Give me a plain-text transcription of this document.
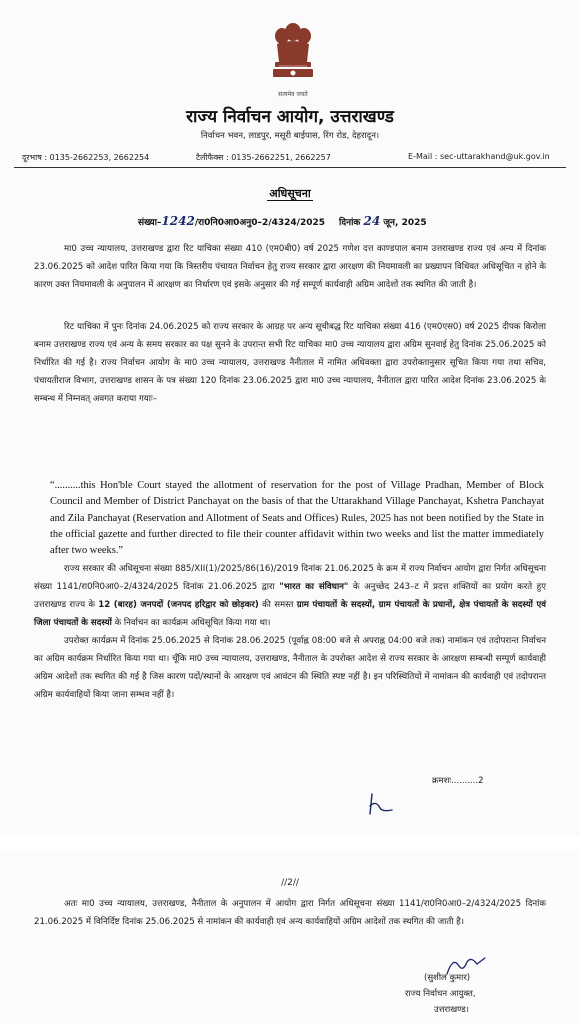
सत्यमेव जयते
राज्य निर्वाचन आयोग, उत्तराखण्ड
निर्वाचन भवन, लाडपुर, मसूरी बाईपास, रिंग रोड, देहरादून।
दूरभाष : 0135-2662253, 2662254	टैलीफैक्स : 0135-2662251, 2662257	E-Mail : sec-uttarakhand@uk.gov.in
अधिसूचना
संख्या–1242/रा0नि0आ0अनु0–2/4324/2025 दिनांक 24 जून, 2025
मा0 उच्च न्यायालय, उत्तराखण्ड द्वारा रिट याचिका संख्या 410 (एम0बी0) वर्ष 2025 गणेश दत्त काण्डपाल बनाम उत्तराखण्ड राज्य एवं अन्य में दिनांक 23.06.2025 को आदेश पारित किया गया कि त्रिस्तरीय पंचायत निर्वाचन हेतु राज्य सरकार द्वारा आरक्षण की नियमावली का प्रख्यापन विधिवत अधिसूचित न होने के कारण उक्त नियमावली के अनुपालन में आरक्षण का निर्धारण एवं इसके अनुसार की गई सम्पूर्ण कार्यवाही अग्रिम आदेशों तक स्थगित की जाती है।
रिट याचिका में पुनः दिनांक 24.06.2025 को राज्य सरकार के आग्रह पर अन्य सूचीबद्ध रिट याचिका संख्या 416 (एम0एस0) वर्ष 2025 दीपक किरोला बनाम उत्तराखण्ड राज्य एवं अन्य के समय सरकार का पक्ष सुनने के उपरान्त सभी रिट याचिका मा0 उच्च न्यायालय द्वारा अग्रिम सुनवाई हेतु दिनांक 25.06.2025 को निर्धारित की गई है। राज्य निर्वाचन आयोग के मा0 उच्च न्यायालय, उत्तराखण्ड नैनीताल में नामित अधिवक्ता द्वारा उपरोक्तानुसार सूचित किया गया तथा सचिव, पंचायतीराज विभाग, उत्तराखण्ड शासन के पत्र संख्या 120 दिनांक 23.06.2025 द्वारा मा0 उच्च न्यायालय, नैनीताल द्वारा पारित आदेश दिनांक 23.06.2025 के सम्बन्ध में निम्नवत् अवगत कराया गयाः–
“..........this Hon'ble Court stayed the allotment of reservation for the post of Village Pradhan, Member of Block Council and Member of District Panchayat on the basis of that the Uttarakhand Village Panchayat, Kshetra Panchayat and Zila Panchayat (Reservation and Allotment of Seats and Offices) Rules, 2025 has not been notified by the State in the official gazette and further directed to file their counter affidavit within two weeks and list the matter immediately after two weeks.”
राज्य सरकार की अधिसूचना संख्या 885/XII(1)/2025/86(16)/2019 दिनांक 21.06.2025 के क्रम में राज्य निर्वाचन आयोग द्वारा निर्गत अधिसूचना संख्या 1141/रा0नि0आ0–2/4324/2025 दिनांक 21.06.2025 द्वारा "भारत का संविधान" के अनुच्छेद 243–ट में प्रदत्त शक्तियों का प्रयोग करते हुए उत्तराखण्ड राज्य के 12 (बारह) जनपदों (जनपद हरिद्वार को छोड़कर) की समस्त ग्राम पंचायतों के सदस्यों, ग्राम पंचायतों के प्रधानों, क्षेत्र पंचायतों के सदस्यों एवं जिला पंचायतों के सदस्यों के निर्वाचन का कार्यक्रम अधिसूचित किया गया था।
उपरोक्त कार्यक्रम में दिनांक 25.06.2025 से दिनांक 28.06.2025 (पूर्वाह्न 08:00 बजे से अपराह्न 04:00 बजे तक) नामांकन एवं तदोपरान्त निर्वाचन का अग्रिम कार्यक्रम निर्धारित किया गया था। चूँकि मा0 उच्च न्यायालय, उत्तराखण्ड, नैनीताल के उपरोक्त आदेश से राज्य सरकार के आरक्षण सम्बन्धी सम्पूर्ण कार्यवाही अग्रिम आदेशों तक स्थगित की गई है जिस कारण पदों/स्थानों के आरक्षण एवं आवंटन की स्थिति स्पष्ट नहीं है। इन परिस्थितियों में नामांकन की कार्यवाही एवं तदोपरान्त अग्रिम कार्यवाहियों किया जाना सम्भव नहीं है।
क्रमशः..........2
//2//
अतः मा0 उच्च न्यायालय, उत्तराखण्ड, नैनीताल के अनुपालन में आयोग द्वारा निर्गत अधिसूचना संख्या 1141/रा0नि0आ0–2/4324/2025 दिनांक 21.06.2025 में विनिर्दिष्ट दिनांक 25.06.2025 से नामांकन की कार्यवाही एवं अन्य कार्यवाहियों अग्रिम आदेशों तक स्थगित की जाती है।
(सुशील कुमार)
राज्य निर्वाचन आयुक्त,
उत्तराखण्ड।
